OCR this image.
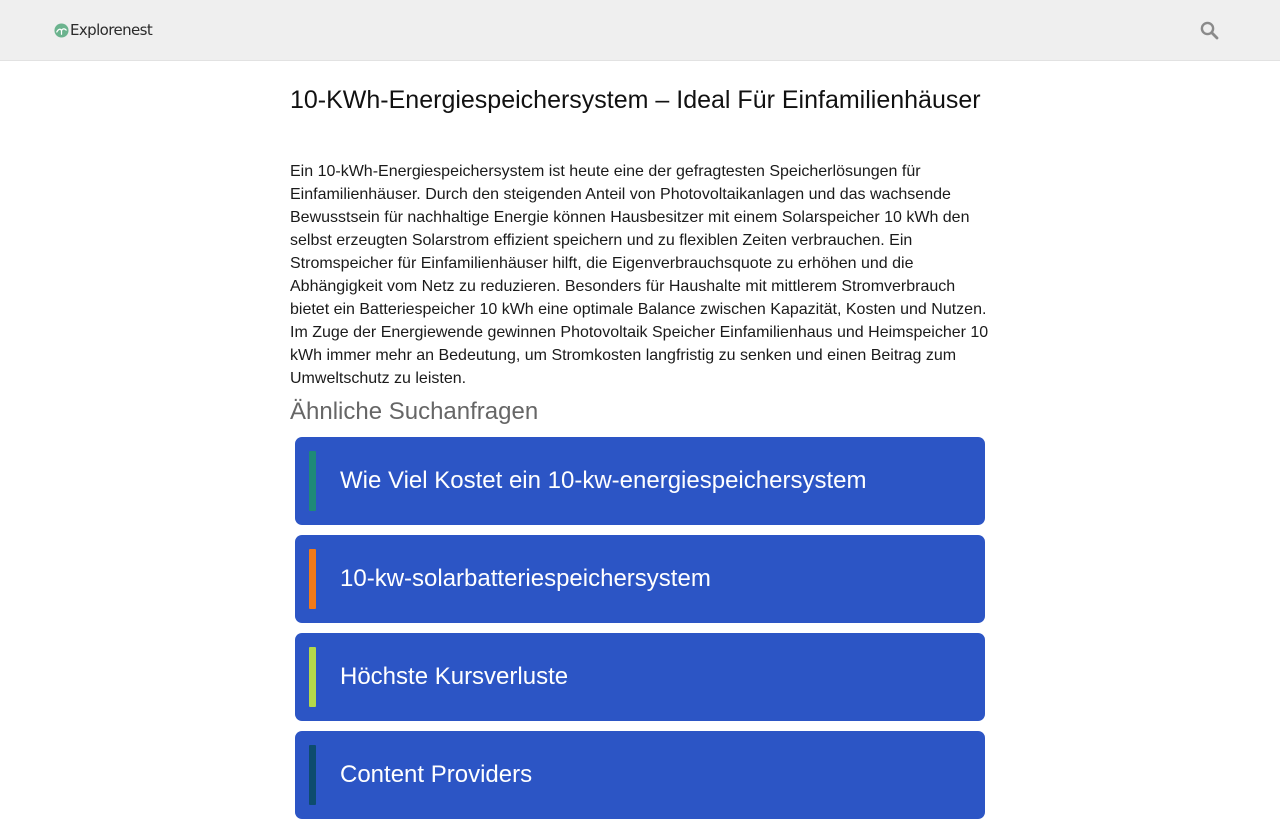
Explorenest
10-KWh-Energiespeichersystem – Ideal Für Einfamilienhäuser

Ein 10-kWh-Energiespeichersystem ist heute eine der gefragtesten Speicherlösungen für Einfamilienhäuser. Durch den steigenden Anteil von Photovoltaikanlagen und das wachsende Bewusstsein für nachhaltige Energie können Hausbesitzer mit einem Solarspeicher 10 kWh den selbst erzeugten Solarstrom effizient speichern und zu flexiblen Zeiten verbrauchen. Ein Stromspeicher für Einfamilienhäuser hilft, die Eigenverbrauchsquote zu erhöhen und die Abhängigkeit vom Netz zu reduzieren. Besonders für Haushalte mit mittlerem Stromverbrauch bietet ein Batteriespeicher 10 kWh eine optimale Balance zwischen Kapazität, Kosten und Nutzen. Im Zuge der Energiewende gewinnen Photovoltaik Speicher Einfamilienhaus und Heimspeicher 10 kWh immer mehr an Bedeutung, um Stromkosten langfristig zu senken und einen Beitrag zum Umweltschutz zu leisten.

Ähnliche Suchanfragen
Wie Viel Kostet ein 10-kw-energiespeichersystem
10-kw-solarbatteriespeichersystem
Höchste Kursverluste
Content Providers
